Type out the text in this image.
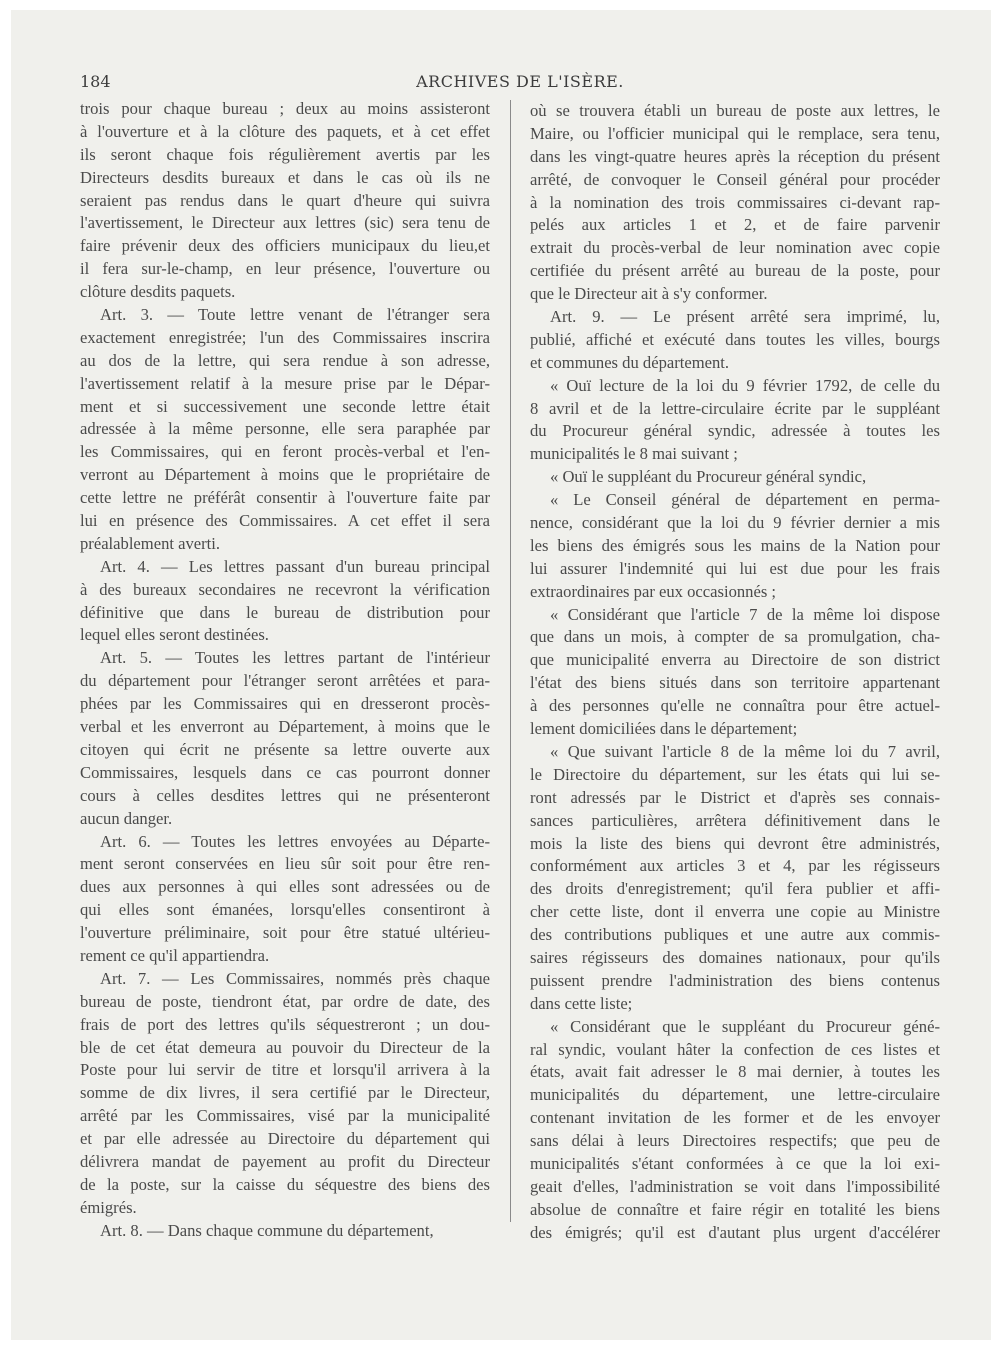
184	ARCHIVES DE L'ISÈRE.
trois pour chaque bureau ; deux au moins assisteront
à l'ouverture et à la clôture des paquets, et à cet effet
ils seront chaque fois régulièrement avertis par les
Directeurs desdits bureaux et dans le cas où ils ne
seraient pas rendus dans le quart d'heure qui suivra
l'avertissement, le Directeur aux lettres (sic) sera tenu de
faire prévenir deux des officiers municipaux du lieu,et
il fera sur-le-champ, en leur présence, l'ouverture ou
clôture desdits paquets.
Art. 3. — Toute lettre venant de l'étranger sera
exactement enregistrée; l'un des Commissaires inscrira
au dos de la lettre, qui sera rendue à son adresse,
l'avertissement relatif à la mesure prise par le Dépar-
ment et si successivement une seconde lettre était
adressée à la même personne, elle sera paraphée par
les Commissaires, qui en feront procès-verbal et l'en-
verront au Département à moins que le propriétaire de
cette lettre ne préférât consentir à l'ouverture faite par
lui en présence des Commissaires. A cet effet il sera
préalablement averti.
Art. 4. — Les lettres passant d'un bureau principal
à des bureaux secondaires ne recevront la vérification
définitive que dans le bureau de distribution pour
lequel elles seront destinées.
Art. 5. — Toutes les lettres partant de l'intérieur
du département pour l'étranger seront arrêtées et para-
phées par les Commissaires qui en dresseront procès-
verbal et les enverront au Département, à moins que le
citoyen qui écrit ne présente sa lettre ouverte aux
Commissaires, lesquels dans ce cas pourront donner
cours à celles desdites lettres qui ne présenteront
aucun danger.
Art. 6. — Toutes les lettres envoyées au Départe-
ment seront conservées en lieu sûr soit pour être ren-
dues aux personnes à qui elles sont adressées ou de
qui elles sont émanées, lorsqu'elles consentiront à
l'ouverture préliminaire, soit pour être statué ultérieu-
rement ce qu'il appartiendra.
Art. 7. — Les Commissaires, nommés près chaque
bureau de poste, tiendront état, par ordre de date, des
frais de port des lettres qu'ils séquestreront ; un dou-
ble de cet état demeura au pouvoir du Directeur de la
Poste pour lui servir de titre et lorsqu'il arrivera à la
somme de dix livres, il sera certifié par le Directeur,
arrêté par les Commissaires, visé par la municipalité
et par elle adressée au Directoire du département qui
délivrera mandat de payement au profit du Directeur
de la poste, sur la caisse du séquestre des biens des
émigrés.
Art. 8. — Dans chaque commune du département,
où se trouvera établi un bureau de poste aux lettres, le
Maire, ou l'officier municipal qui le remplace, sera tenu,
dans les vingt-quatre heures après la réception du présent
arrêté, de convoquer le Conseil général pour procéder
à la nomination des trois commissaires ci-devant rap-
pelés aux articles 1 et 2, et de faire parvenir
extrait du procès-verbal de leur nomination avec copie
certifiée du présent arrêté au bureau de la poste, pour
que le Directeur ait à s'y conformer.
Art. 9. — Le présent arrêté sera imprimé, lu,
publié, affiché et exécuté dans toutes les villes, bourgs
et communes du département.
« Ouï lecture de la loi du 9 février 1792, de celle du
8 avril et de la lettre-circulaire écrite par le suppléant
du Procureur général syndic, adressée à toutes les
municipalités le 8 mai suivant ;
« Ouï le suppléant du Procureur général syndic,
« Le Conseil général de département en perma-
nence, considérant que la loi du 9 février dernier a mis
les biens des émigrés sous les mains de la Nation pour
lui assurer l'indemnité qui lui est due pour les frais
extraordinaires par eux occasionnés ;
« Considérant que l'article 7 de la même loi dispose
que dans un mois, à compter de sa promulgation, cha-
que municipalité enverra au Directoire de son district
l'état des biens situés dans son territoire appartenant
à des personnes qu'elle ne connaîtra pour être actuel-
lement domiciliées dans le département;
« Que suivant l'article 8 de la même loi du 7 avril,
le Directoire du département, sur les états qui lui se-
ront adressés par le District et d'après ses connais-
sances particulières, arrêtera définitivement dans le
mois la liste des biens qui devront être administrés,
conformément aux articles 3 et 4, par les régisseurs
des droits d'enregistrement; qu'il fera publier et affi-
cher cette liste, dont il enverra une copie au Ministre
des contributions publiques et une autre aux commis-
saires régisseurs des domaines nationaux, pour qu'ils
puissent prendre l'administration des biens contenus
dans cette liste;
« Considérant que le suppléant du Procureur géné-
ral syndic, voulant hâter la confection de ces listes et
états, avait fait adresser le 8 mai dernier, à toutes les
municipalités du département, une lettre-circulaire
contenant invitation de les former et de les envoyer
sans délai à leurs Directoires respectifs; que peu de
municipalités s'étant conformées à ce que la loi exi-
geait d'elles, l'administration se voit dans l'impossibilité
absolue de connaître et faire régir en totalité les biens
des émigrés; qu'il est d'autant plus urgent d'accélérer
